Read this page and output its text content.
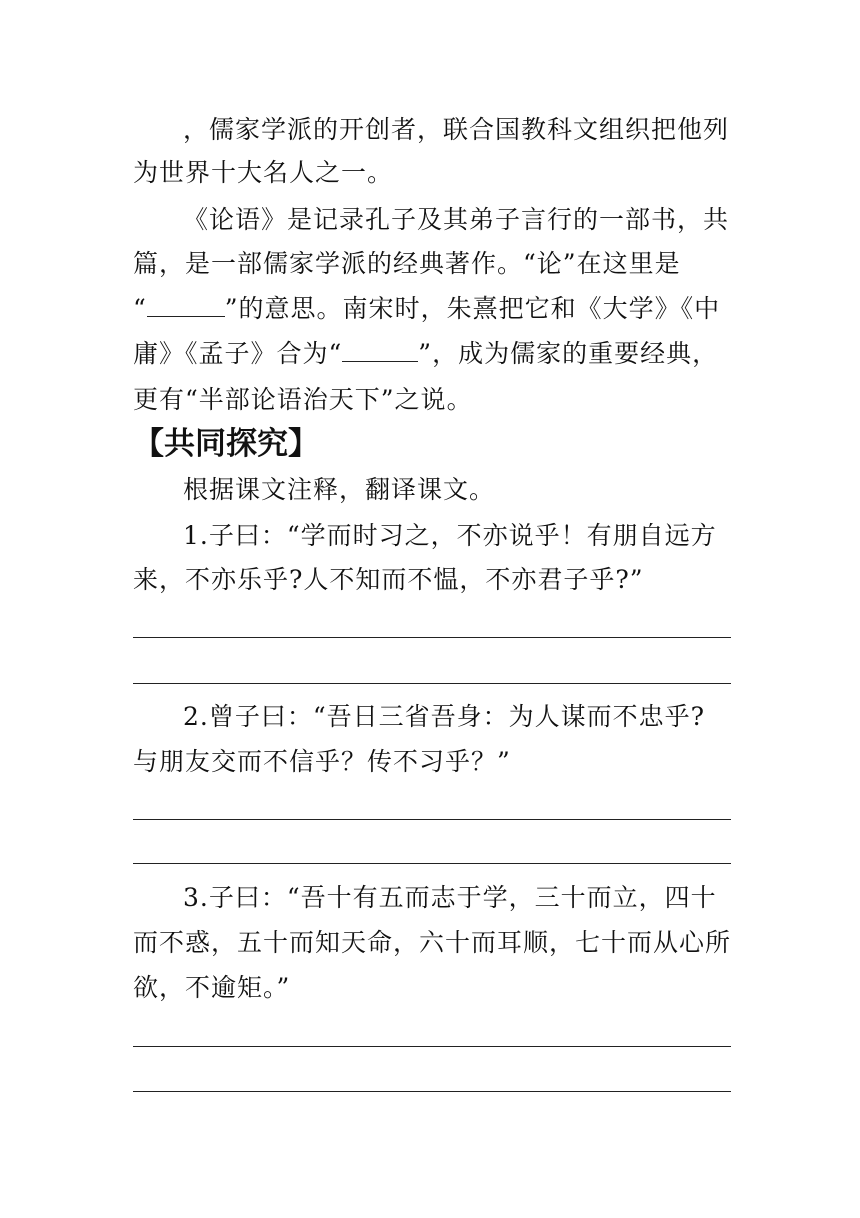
，儒家学派的开创者，联合国教科文组织把他列
为世界十大名人之一。
《论语》是记录孔子及其弟子言行的一部书，共
篇，是一部儒家学派的经典著作。“论”在这里是
“	”的意思。南宋时，朱熹把它和《大学》《中
庸》《孟子》合为“	”，成为儒家的重要经典，
更有“半部论语治天下”之说。
【共同探究】
根据课文注释，翻译课文。
1.子曰：“学而时习之，不亦说乎！有朋自远方
来，不亦乐乎?人不知而不愠，不亦君子乎?”
2.曾子曰：“吾日三省吾身：为人谋而不忠乎?
与朋友交而不信乎？传不习乎？”
3.子曰：“吾十有五而志于学，三十而立，四十
而不惑，五十而知天命，六十而耳顺，七十而从心所
欲，不逾矩。”
